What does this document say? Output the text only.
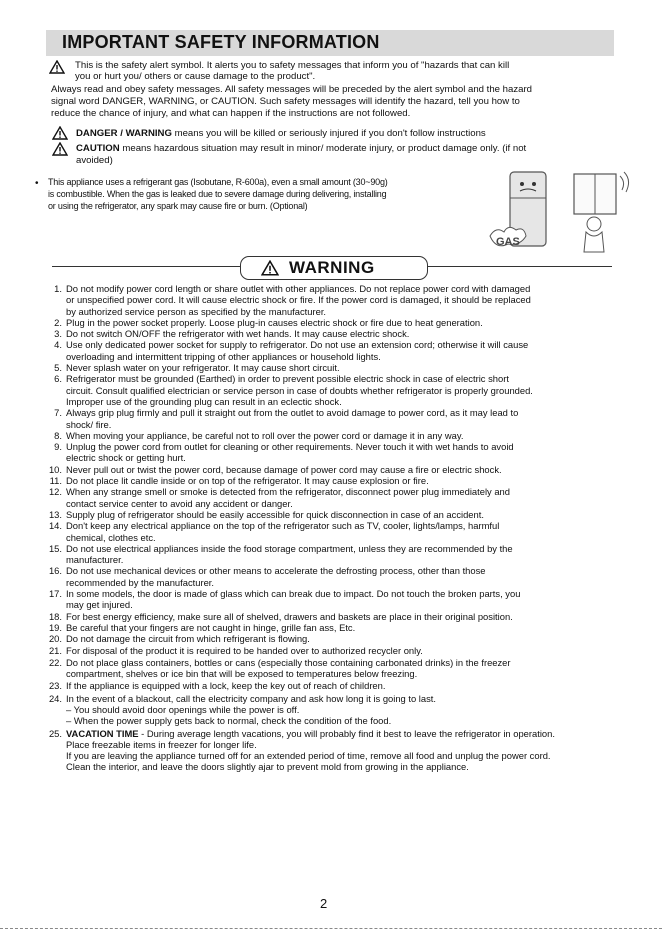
IMPORTANT SAFETY INFORMATION
This is the safety alert symbol. It alerts you to safety messages that inform you of "hazards that can kill
you or hurt you/ others or cause damage to the product".
Always read and obey safety messages. All safety messages will be preceded by the alert symbol and the hazard
signal word DANGER, WARNING, or CAUTION. Such safety messages will identify the hazard, tell you how to
reduce the chance of injury, and what can happen if the instructions are not followed.
DANGER / WARNING means you will be killed or seriously injured if you don't follow instructions
CAUTION means hazardous situation may result in minor/ moderate injury, or product damage only. (if not
avoided)
• This appliance uses a refrigerant gas (Isobutane, R-600a), even a small amount (30~90g)
is combustible. When the gas is leaked due to severe damage during delivering, installing
or using the refrigerator, any spark may cause fire or burn. (Optional)
GAS
WARNING
1. Do not modify power cord length or share outlet with other appliances. Do not replace power cord with damaged
or unspecified power cord. It will cause electric shock or fire. If the power cord is damaged, it should be replaced
by authorized service person as specified by the manufacturer.
2. Plug in the power socket properly. Loose plug-in causes electric shock or fire due to heat generation.
3. Do not switch ON/OFF the refrigerator with wet hands. It may cause electric shock.
4. Use only dedicated power socket for supply to refrigerator. Do not use an extension cord; otherwise it will cause
overloading and intermittent tripping of other appliances or household lights.
5. Never splash water on your refrigerator. It may cause short circuit.
6. Refrigerator must be grounded (Earthed) in order to prevent possible electric shock in case of electric short
circuit. Consult qualified electrician or service person in case of doubts whether refrigerator is properly grounded.
Improper use of the grounding plug can result in an eclectic shock.
7. Always grip plug firmly and pull it straight out from the outlet to avoid damage to power cord, as it may lead to
shock/ fire.
8. When moving your appliance, be careful not to roll over the power cord or damage it in any way.
9. Unplug the power cord from outlet for cleaning or other requirements. Never touch it with wet hands to avoid
electric shock or getting hurt.
10. Never pull out or twist the power cord, because damage of power cord may cause a fire or electric shock.
11. Do not place lit candle inside or on top of the refrigerator. It may cause explosion or fire.
12. When any strange smell or smoke is detected from the refrigerator, disconnect power plug immediately and
contact service center to avoid any accident or danger.
13. Supply plug of refrigerator should be easily accessible for quick disconnection in case of an accident.
14. Don't keep any electrical appliance on the top of the refrigerator such as TV, cooler, lights/lamps, harmful
chemical, clothes etc.
15. Do not use electrical appliances inside the food storage compartment, unless they are recommended by the
manufacturer.
16. Do not use mechanical devices or other means to accelerate the defrosting process, other than those
recommended by the manufacturer.
17. In some models, the door is made of glass which can break due to impact. Do not touch the broken parts, you
may get injured.
18. For best energy efficiency, make sure all of shelved, drawers and baskets are place in their original position.
19. Be careful that your fingers are not caught in hinge, grille fan ass, Etc.
20. Do not damage the circuit from which refrigerant is flowing.
21. For disposal of the product it is required to be handed over to authorized recycler only.
22. Do not place glass containers, bottles or cans (especially those containing carbonated drinks) in the freezer
compartment, shelves or ice bin that will be exposed to temperatures below freezing.
23. If the appliance is equipped with a lock, keep the key out of reach of children.
24. In the event of a blackout, call the electricity company and ask how long it is going to last.
– You should avoid door openings while the power is off.
– When the power supply gets back to normal, check the condition of the food.
25. VACATION TIME - During average length vacations, you will probably find it best to leave the refrigerator in operation.
Place freezable items in freezer for longer life.
If you are leaving the appliance turned off for an extended period of time, remove all food and unplug the power cord.
Clean the interior, and leave the doors slightly ajar to prevent mold from growing in the appliance.
2
